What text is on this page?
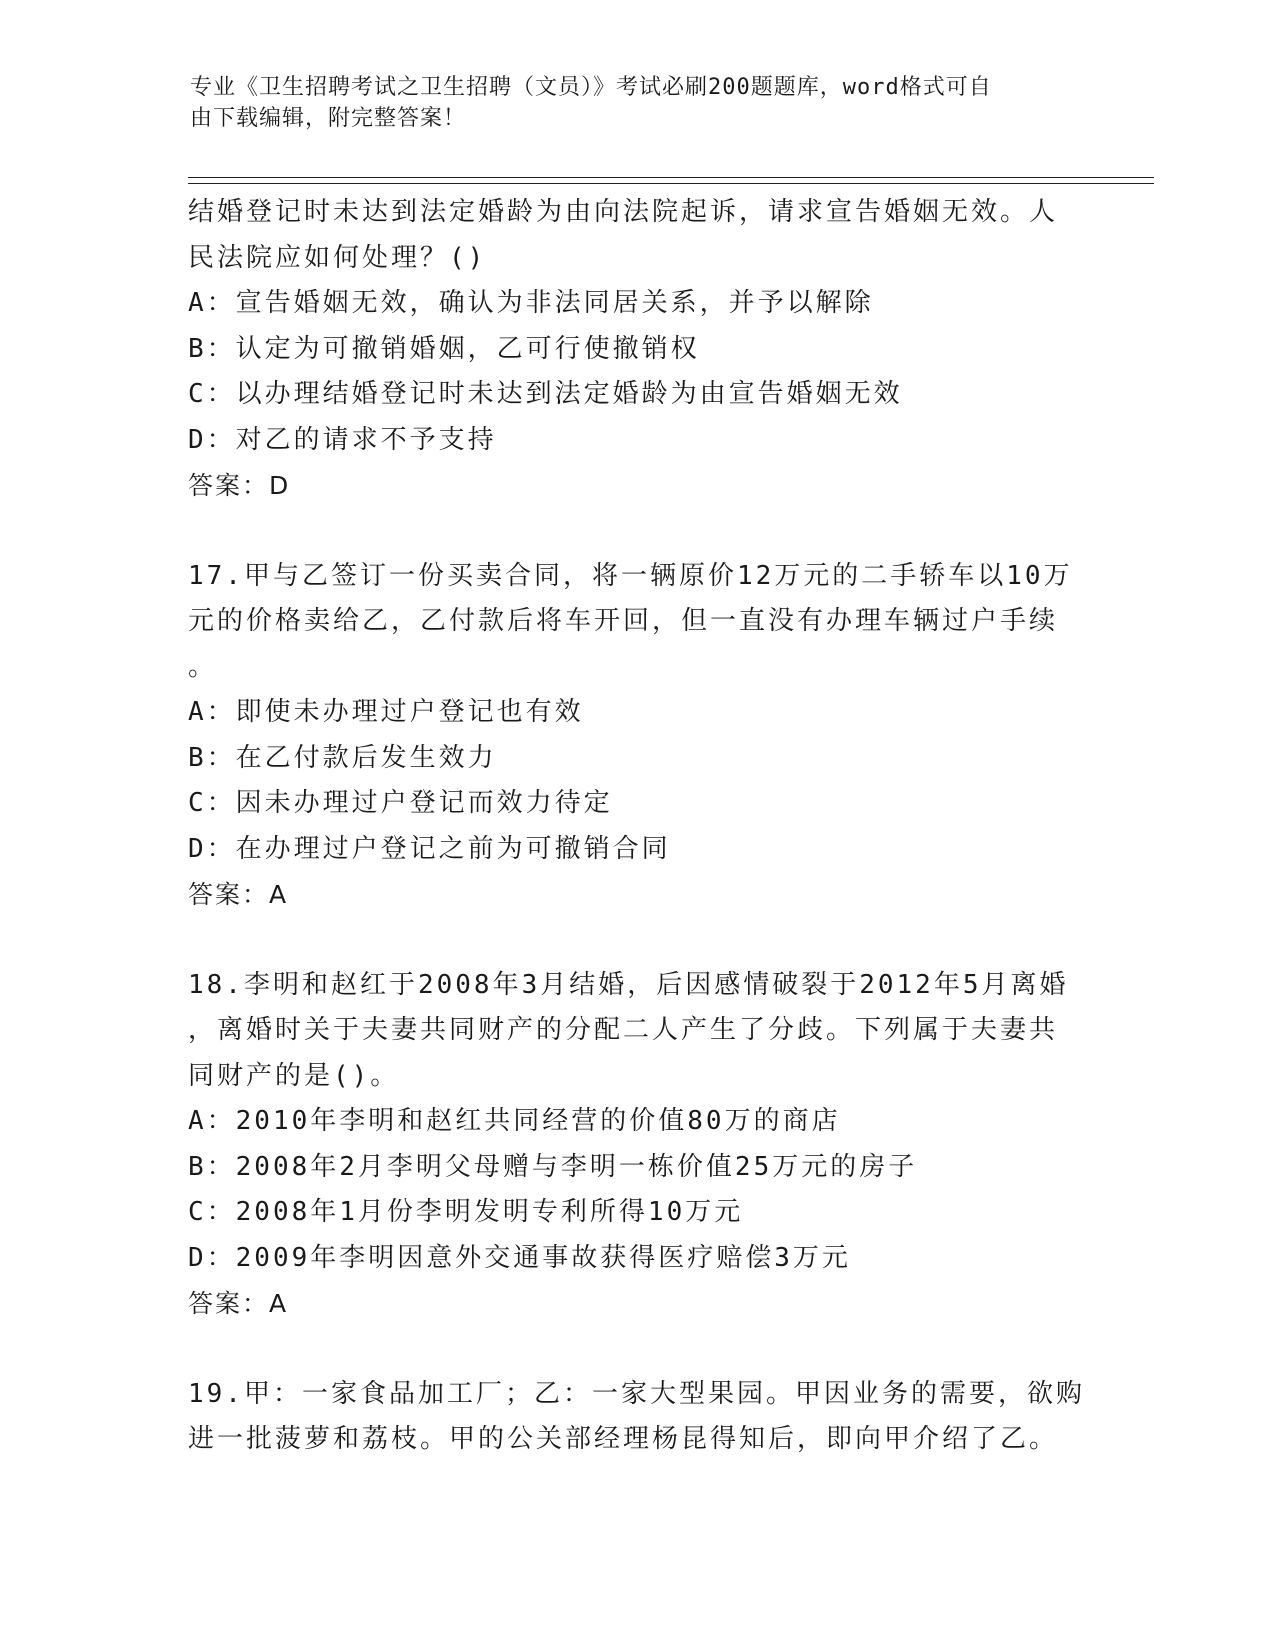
专业《卫生招聘考试之卫生招聘（文员）》考试必刷200题题库，word格式可自
由下载编辑，附完整答案！
结婚登记时未达到法定婚龄为由向法院起诉，请求宣告婚姻无效。人
民法院应如何处理？()
A：宣告婚姻无效，确认为非法同居关系，并予以解除
B：认定为可撤销婚姻，乙可行使撤销权
C：以办理结婚登记时未达到法定婚龄为由宣告婚姻无效
D：对乙的请求不予支持
答案：D
17.甲与乙签订一份买卖合同，将一辆原价12万元的二手轿车以10万
元的价格卖给乙，乙付款后将车开回，但一直没有办理车辆过户手续
。
A：即使未办理过户登记也有效
B：在乙付款后发生效力
C：因未办理过户登记而效力待定
D：在办理过户登记之前为可撤销合同
答案：A
18.李明和赵红于2008年3月结婚，后因感情破裂于2012年5月离婚
，离婚时关于夫妻共同财产的分配二人产生了分歧。下列属于夫妻共
同财产的是()。
A：2010年李明和赵红共同经营的价值80万的商店
B：2008年2月李明父母赠与李明一栋价值25万元的房子
C：2008年1月份李明发明专利所得10万元
D：2009年李明因意外交通事故获得医疗赔偿3万元
答案：A
19.甲：一家食品加工厂；乙：一家大型果园。甲因业务的需要，欲购
进一批菠萝和荔枝。甲的公关部经理杨昆得知后，即向甲介绍了乙。
